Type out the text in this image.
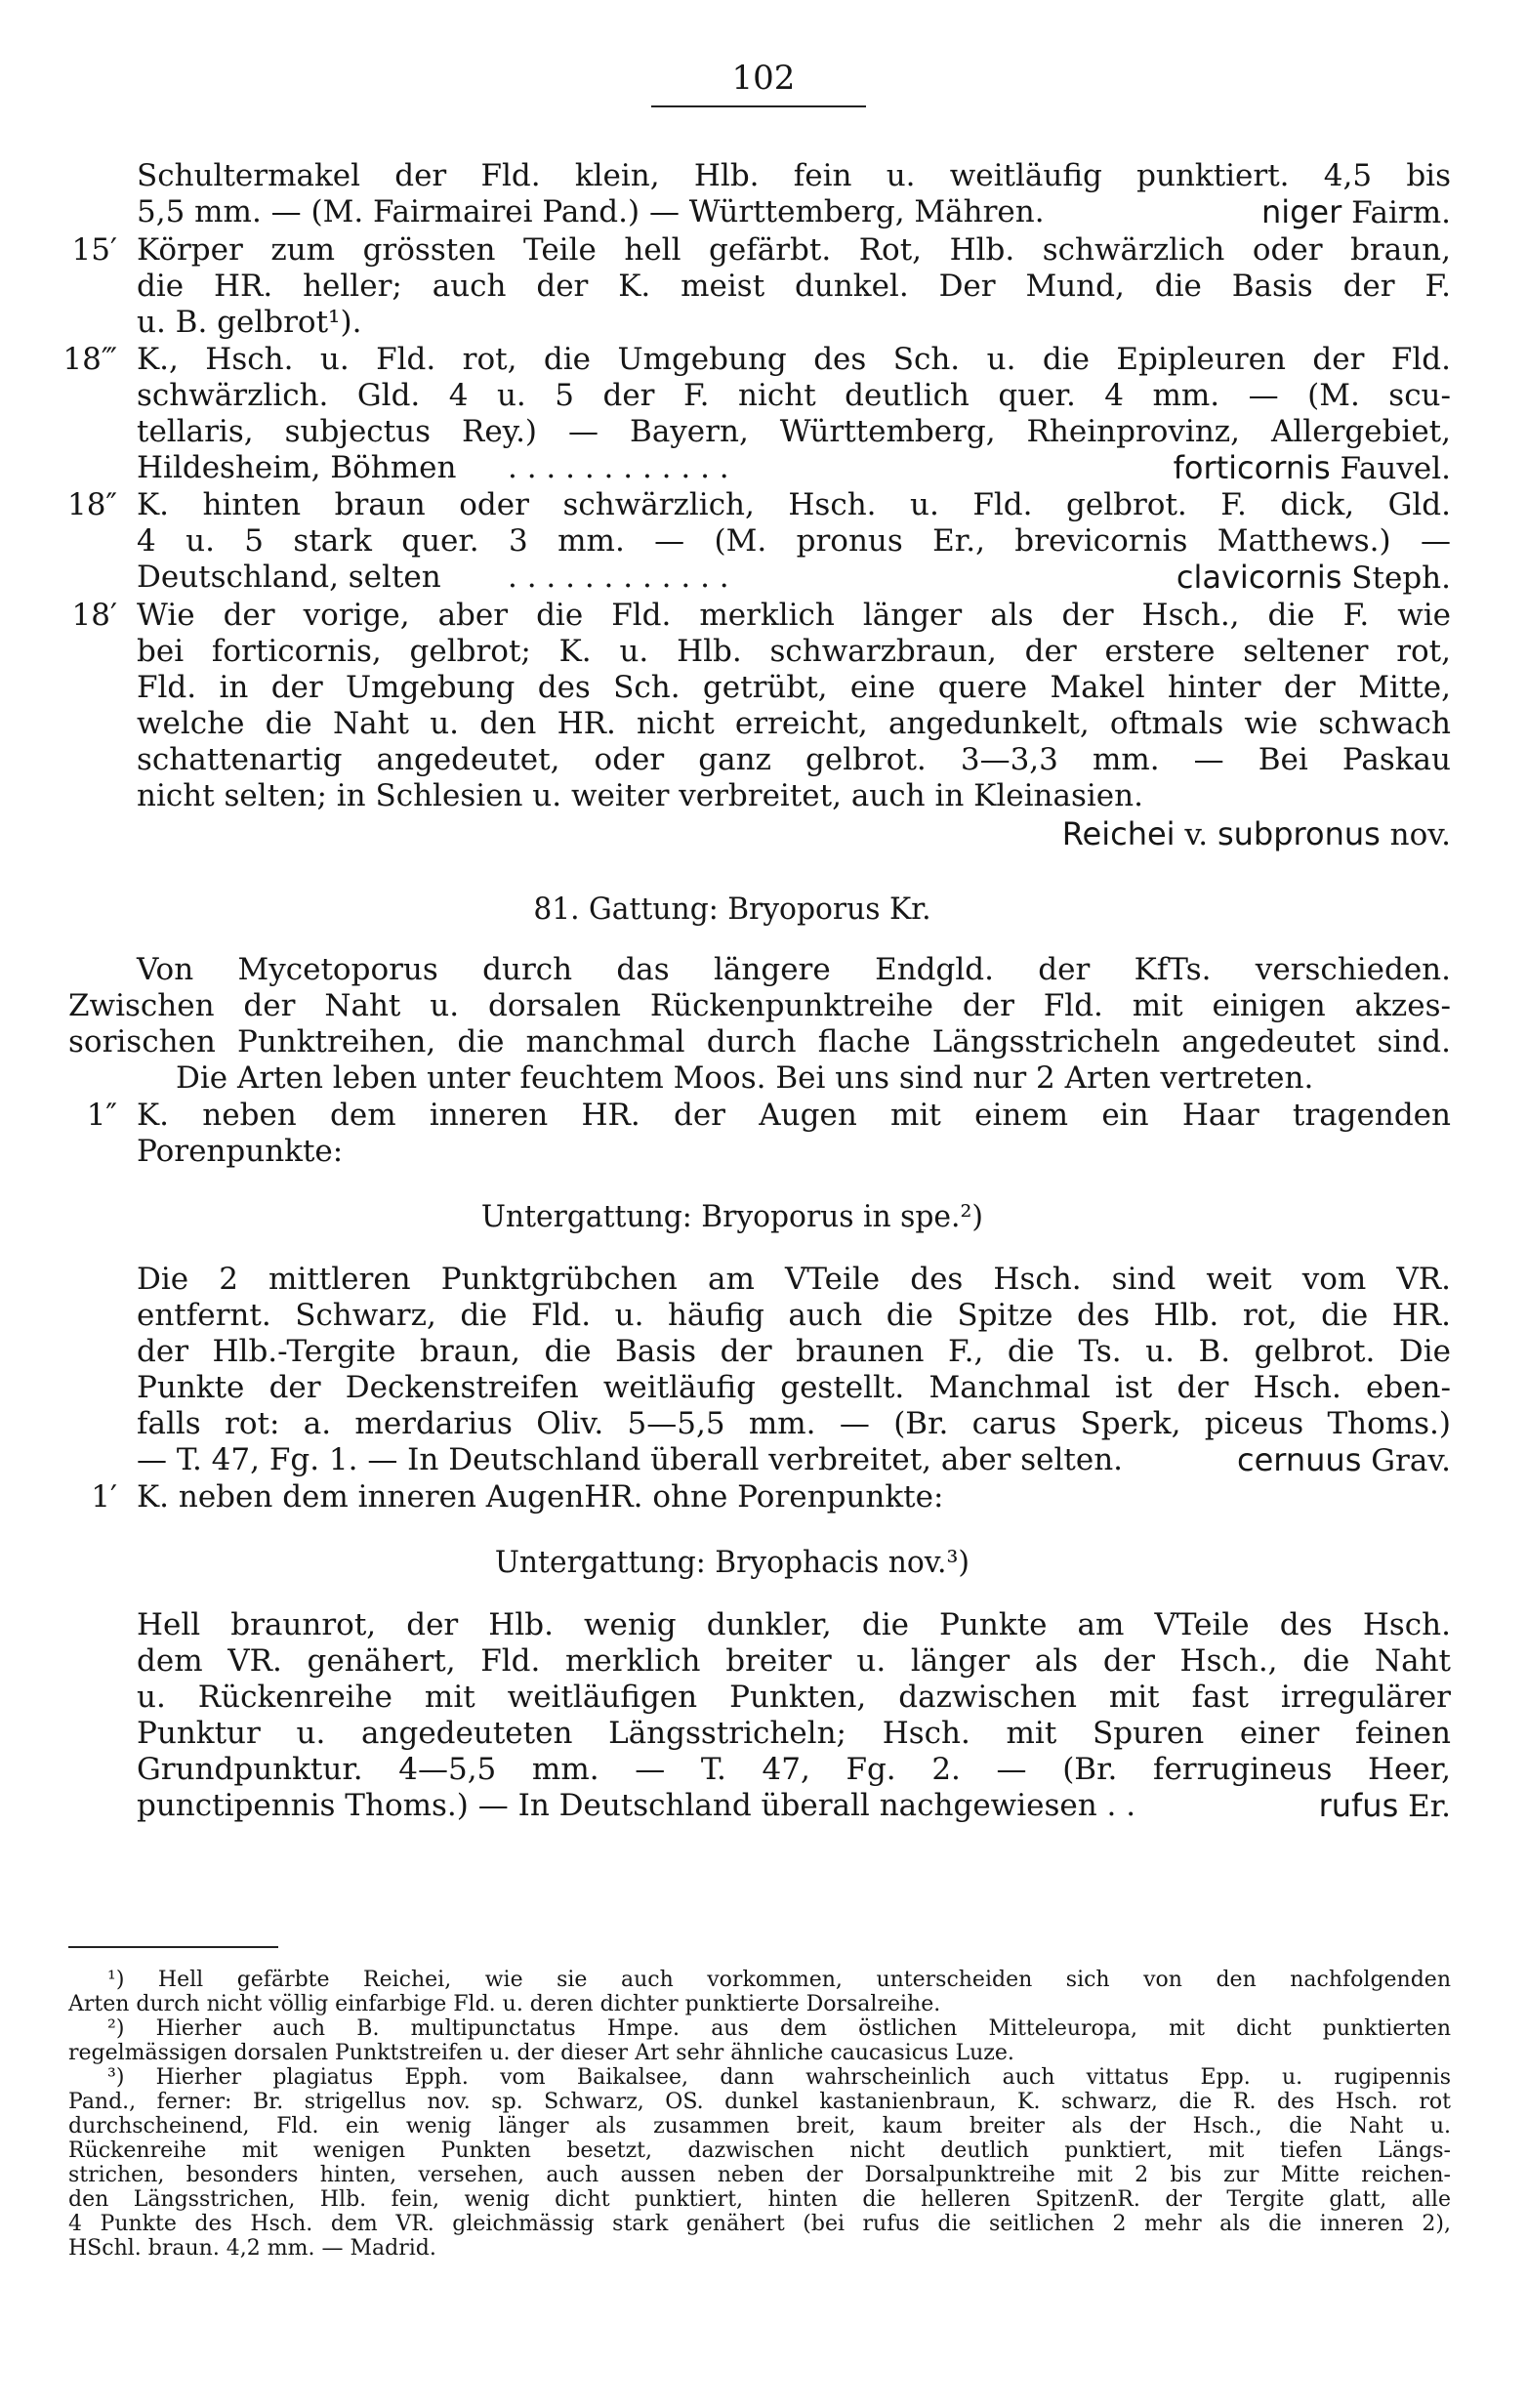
102
Schultermakel der Fld. klein, Hlb. fein u. weitläufig punktiert. 4,5 bis
5,5 mm. — (M. Fairmairei Pand.) — Württemberg, Mähren.	niger Fairm.
15′ Körper zum grössten Teile hell gefärbt. Rot, Hlb. schwärzlich oder braun,
die HR. heller; auch der K. meist dunkel. Der Mund, die Basis der F.
u. B. gelbrot¹).
18‴ K., Hsch. u. Fld. rot, die Umgebung des Sch. u. die Epipleuren der Fld.
schwärzlich. Gld. 4 u. 5 der F. nicht deutlich quer. 4 mm. — (M. scu-
tellaris, subjectus Rey.) — Bayern, Württemberg, Rheinprovinz, Allergebiet,
Hildesheim, Böhmen . . . . . . . . . . . .	forticornis Fauvel.
18″ K. hinten braun oder schwärzlich, Hsch. u. Fld. gelbrot. F. dick, Gld.
4 u. 5 stark quer. 3 mm. — (M. pronus Er., brevicornis Matthews.) —
Deutschland, selten . . . . . . . . . . . .	clavicornis Steph.
18′ Wie der vorige, aber die Fld. merklich länger als der Hsch., die F. wie
bei forticornis, gelbrot; K. u. Hlb. schwarzbraun, der erstere seltener rot,
Fld. in der Umgebung des Sch. getrübt, eine quere Makel hinter der Mitte,
welche die Naht u. den HR. nicht erreicht, angedunkelt, oftmals wie schwach
schattenartig angedeutet, oder ganz gelbrot. 3—3,3 mm. — Bei Paskau
nicht selten; in Schlesien u. weiter verbreitet, auch in Kleinasien.
Reichei v. subpronus nov.
81. Gattung: Bryoporus Kr.
Von Mycetoporus durch das längere Endgld. der KfTs. verschieden.
Zwischen der Naht u. dorsalen Rückenpunktreihe der Fld. mit einigen akzes-
sorischen Punktreihen, die manchmal durch flache Längsstricheln angedeutet sind.
Die Arten leben unter feuchtem Moos. Bei uns sind nur 2 Arten vertreten.
1″ K. neben dem inneren HR. der Augen mit einem ein Haar tragenden
Porenpunkte:
Untergattung: Bryoporus in spe.²)
Die 2 mittleren Punktgrübchen am VTeile des Hsch. sind weit vom VR.
entfernt. Schwarz, die Fld. u. häufig auch die Spitze des Hlb. rot, die HR.
der Hlb.-Tergite braun, die Basis der braunen F., die Ts. u. B. gelbrot. Die
Punkte der Deckenstreifen weitläufig gestellt. Manchmal ist der Hsch. eben-
falls rot: a. merdarius Oliv. 5—5,5 mm. — (Br. carus Sperk, piceus Thoms.)
— T. 47, Fg. 1. — In Deutschland überall verbreitet, aber selten.	cernuus Grav.
1′ K. neben dem inneren AugenHR. ohne Porenpunkte:
Untergattung: Bryophacis nov.³)
Hell braunrot, der Hlb. wenig dunkler, die Punkte am VTeile des Hsch.
dem VR. genähert, Fld. merklich breiter u. länger als der Hsch., die Naht
u. Rückenreihe mit weitläufigen Punkten, dazwischen mit fast irregulärer
Punktur u. angedeuteten Längsstricheln; Hsch. mit Spuren einer feinen
Grundpunktur. 4—5,5 mm. — T. 47, Fg. 2. — (Br. ferrugineus Heer,
punctipennis Thoms.) — In Deutschland überall nachgewiesen . .	rufus Er.
¹) Hell gefärbte Reichei, wie sie auch vorkommen, unterscheiden sich von den nachfolgenden
Arten durch nicht völlig einfarbige Fld. u. deren dichter punktierte Dorsalreihe.
²) Hierher auch B. multipunctatus Hmpe. aus dem östlichen Mitteleuropa, mit dicht punktierten
regelmässigen dorsalen Punktstreifen u. der dieser Art sehr ähnliche caucasicus Luze.
³) Hierher plagiatus Epph. vom Baikalsee, dann wahrscheinlich auch vittatus Epp. u. rugipennis
Pand., ferner: Br. strigellus nov. sp. Schwarz, OS. dunkel kastanienbraun, K. schwarz, die R. des Hsch. rot
durchscheinend, Fld. ein wenig länger als zusammen breit, kaum breiter als der Hsch., die Naht u.
Rückenreihe mit wenigen Punkten besetzt, dazwischen nicht deutlich punktiert, mit tiefen Längs-
strichen, besonders hinten, versehen, auch aussen neben der Dorsalpunktreihe mit 2 bis zur Mitte reichen-
den Längsstrichen, Hlb. fein, wenig dicht punktiert, hinten die helleren SpitzenR. der Tergite glatt, alle
4 Punkte des Hsch. dem VR. gleichmässig stark genähert (bei rufus die seitlichen 2 mehr als die inneren 2),
HSchl. braun. 4,2 mm. — Madrid.
